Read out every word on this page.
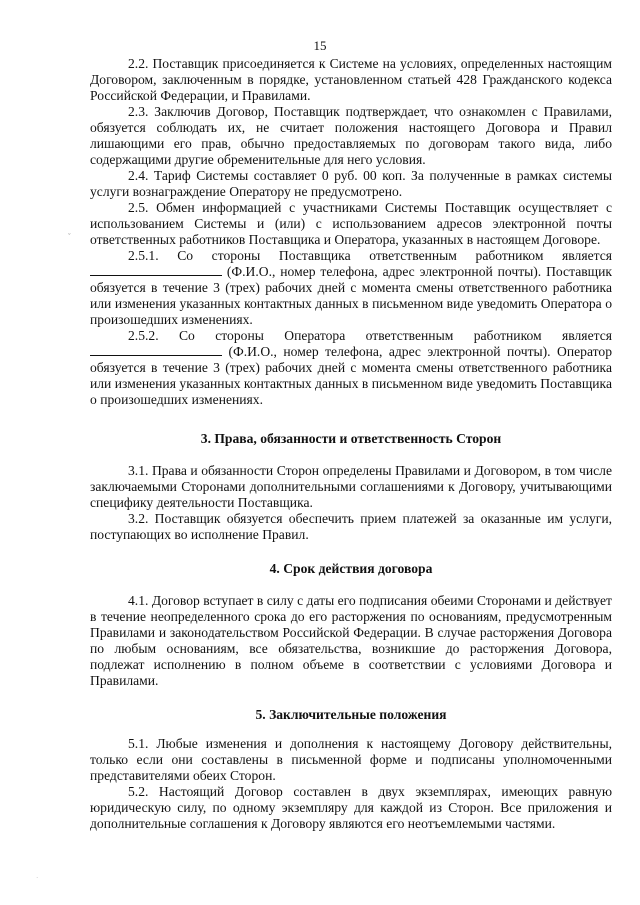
15
ˇ
·

2.2. Поставщик присоединяется к Системе на условиях, определенных настоящим Договором, заключенным в порядке, установленном статьей 428 Гражданского кодекса Российской Федерации, и Правилами.

2.3. Заключив Договор, Поставщик подтверждает, что ознакомлен с Правилами, обязуется соблюдать их, не считает положения настоящего Договора и Правил лишающими его прав, обычно предоставляемых по договорам такого вида, либо содержащими другие обременительные для него условия.

2.4. Тариф Системы составляет 0 руб. 00 коп. За полученные в рамках системы услуги вознаграждение Оператору не предусмотрено.

2.5. Обмен информацией с участниками Системы Поставщик осуществляет с использованием Системы и (или) с использованием адресов электронной почты ответственных работников Поставщика и Оператора, указанных в настоящем Договоре.

2.5.1. Со стороны Поставщика ответственным работником является  (Ф.И.О., номер телефона, адрес электронной почты). Поставщик обязуется в течение 3 (трех) рабочих дней с момента смены ответственного работника или изменения указанных контактных данных в письменном виде уведомить Оператора о произошедших изменениях.

2.5.2. Со стороны Оператора ответственным работником является  (Ф.И.О., номер телефона, адрес электронной почты). Оператор обязуется в течение 3 (трех) рабочих дней с момента смены ответственного работника или изменения указанных контактных данных в письменном виде уведомить Поставщика о произошедших изменениях.

3. Права, обязанности и ответственность Сторон

3.1. Права и обязанности Сторон определены Правилами и Договором, в том числе заключаемыми Сторонами дополнительными соглашениями к Договору, учитывающими специфику деятельности Поставщика.

3.2. Поставщик обязуется обеспечить прием платежей за оказанные им услуги, поступающих во исполнение Правил.

4. Срок действия договора

4.1. Договор вступает в силу с даты его подписания обеими Сторонами и действует в течение неопределенного срока до его расторжения по основаниям, предусмотренным Правилами и законодательством Российской Федерации. В случае расторжения Договора по любым основаниям, все обязательства, возникшие до расторжения Договора, подлежат исполнению в полном объеме в соответствии с условиями Договора и Правилами.

5. Заключительные положения

5.1. Любые изменения и дополнения к настоящему Договору действительны, только если они составлены в письменной форме и подписаны уполномоченными представителями обеих Сторон.

5.2. Настоящий Договор составлен в двух экземплярах, имеющих равную юридическую силу, по одному экземпляру для каждой из Сторон. Все приложения и дополнительные соглашения к Договору являются его неотъемлемыми частями.
